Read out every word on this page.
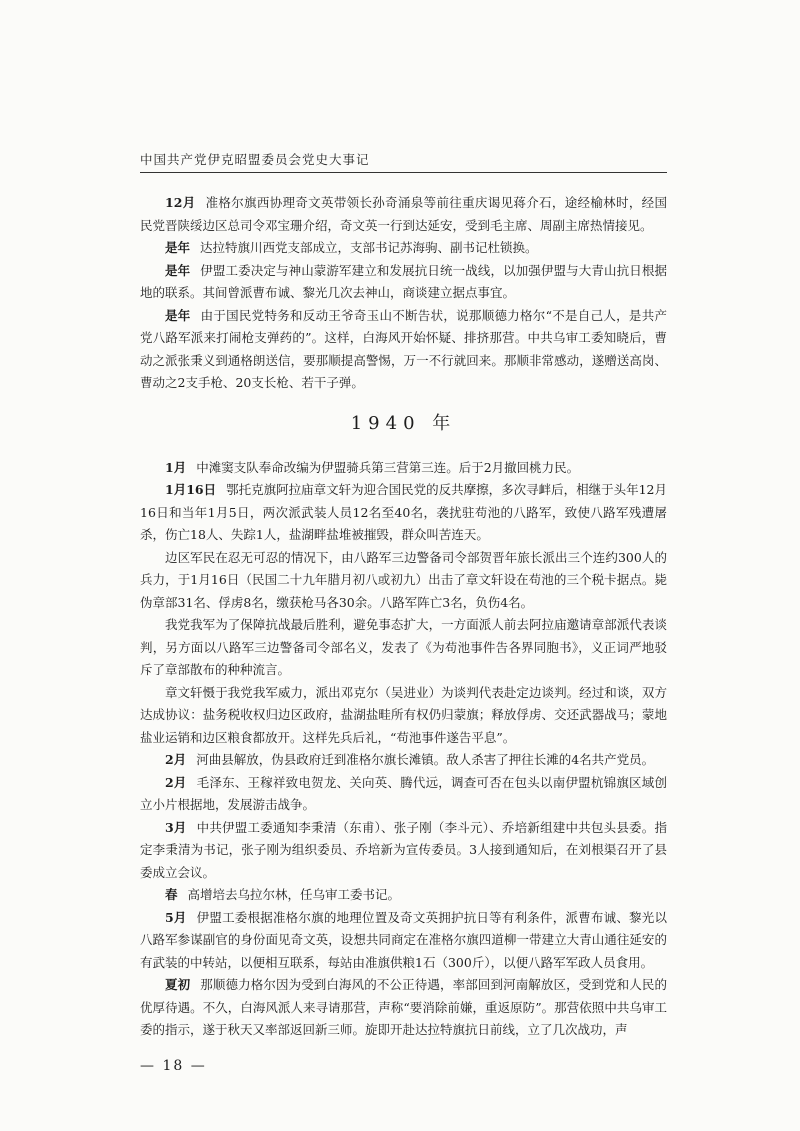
中国共产党伊克昭盟委员会党史大事记

12月 准格尔旗西协理奇文英带领长孙奇涌泉等前往重庆谒见蒋介石，途经榆林时，经国民党晋陕绥边区总司令邓宝珊介绍，奇文英一行到达延安，受到毛主席、周副主席热情接见。

是年 达拉特旗川西党支部成立，支部书记苏海驹、副书记杜锁换。

是年 伊盟工委决定与神山蒙游军建立和发展抗日统一战线，以加强伊盟与大青山抗日根据地的联系。其间曾派曹布诚、黎光几次去神山，商谈建立据点事宜。

是年 由于国民党特务和反动王爷奇玉山不断告状，说那顺德力格尔“不是自己人，是共产党八路军派来打闹枪支弹药的”。这样，白海风开始怀疑、排挤那营。中共乌审工委知晓后，曹动之派张秉义到通格朗送信，要那顺提高警惕，万一不行就回来。那顺非常感动，遂赠送高岗、曹动之2支手枪、20支长枪、若干子弹。

1940 年

1月 中滩窦支队奉命改编为伊盟骑兵第三营第三连。后于2月撤回桃力民。

1月16日 鄂托克旗阿拉庙章文轩为迎合国民党的反共摩擦，多次寻衅后，相继于头年12月16日和当年1月5日，两次派武装人员12名至40名，袭扰驻苟池的八路军，致使八路军残遭屠杀，伤亡18人、失踪1人，盐湖畔盐堆被摧毁，群众叫苦连天。

边区军民在忍无可忍的情况下，由八路军三边警备司令部贺晋年旅长派出三个连约300人的兵力，于1月16日（民国二十九年腊月初八或初九）出击了章文轩设在苟池的三个税卡据点。毙伪章部31名、俘虏8名，缴获枪马各30余。八路军阵亡3名，负伤4名。

我党我军为了保障抗战最后胜利，避免事态扩大，一方面派人前去阿拉庙邀请章部派代表谈判，另方面以八路军三边警备司令部名义，发表了《为苟池事件告各界同胞书》，义正词严地驳斥了章部散布的种种流言。

章文轩慑于我党我军威力，派出邓克尔（吴进业）为谈判代表赴定边谈判。经过和谈，双方达成协议：盐务税收权归边区政府，盐湖盐畦所有权仍归蒙旗；释放俘虏、交还武器战马；蒙地盐业运销和边区粮食都放开。这样先兵后礼，“苟池事件遂告平息”。

2月 河曲县解放，伪县政府迁到准格尔旗长滩镇。敌人杀害了押往长滩的4名共产党员。

2月 毛泽东、王稼祥致电贺龙、关向英、腾代远，调查可否在包头以南伊盟杭锦旗区域创立小片根据地，发展游击战争。

3月 中共伊盟工委通知李秉清（东甫）、张子刚（李斗元）、乔培新组建中共包头县委。指定李秉清为书记，张子刚为组织委员、乔培新为宣传委员。3人接到通知后，在刘根渠召开了县委成立会议。

春 高增培去乌拉尔林，任乌审工委书记。

5月 伊盟工委根据准格尔旗的地理位置及奇文英拥护抗日等有利条件，派曹布诚、黎光以八路军参谋副官的身份面见奇文英，设想共同商定在准格尔旗四道柳一带建立大青山通往延安的有武装的中转站，以便相互联系，每站由准旗供粮1石（300斤），以便八路军军政人员食用。

夏初 那顺德力格尔因为受到白海风的不公正待遇，率部回到河南解放区，受到党和人民的优厚待遇。不久，白海风派人来寻请那营，声称“要消除前嫌，重返原防”。那营依照中共乌审工委的指示，遂于秋天又率部返回新三师。旋即开赴达拉特旗抗日前线，立了几次战功，声

— 18 —
